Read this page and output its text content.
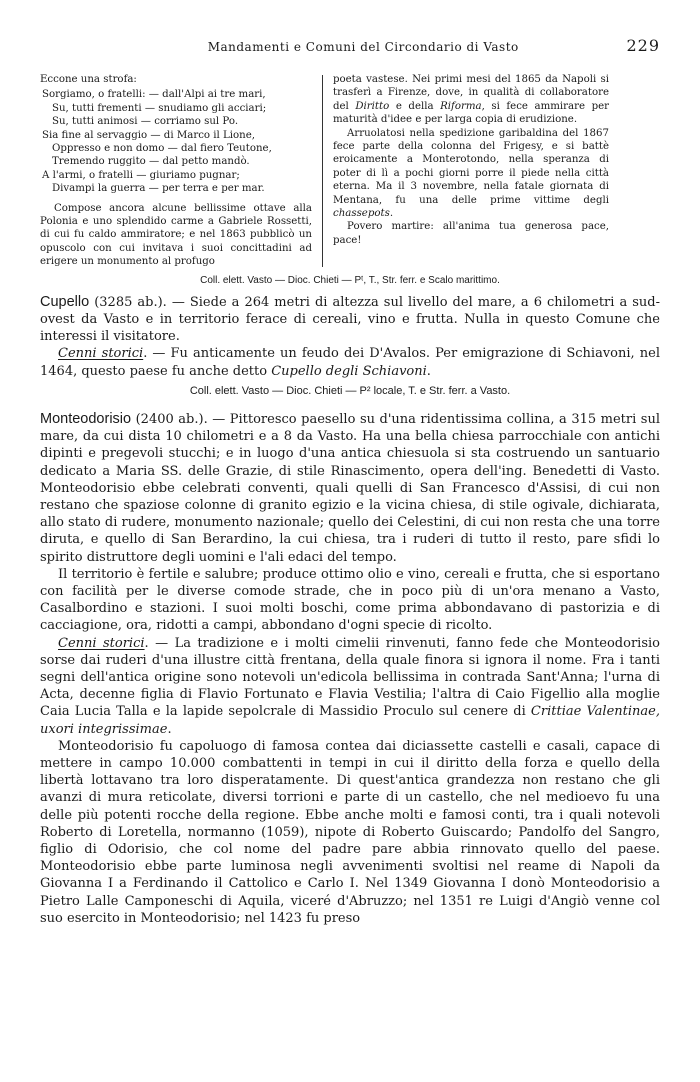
Mandamenti e Comuni del Circondario di Vasto	229

Eccone una strofa:

Sorgiamo, o fratelli: — dall'Alpi ai tre mari,
Su, tutti frementi — snudiamo gli acciari;
Su, tutti animosi — corriamo sul Po.
Sia fine al servaggio — di Marco il Lione,
Oppresso e non domo — dal fiero Teutone,
Tremendo ruggito — dal petto mandò.
A l'armi, o fratelli — giuriamo pugnar;
Divampi la guerra — per terra e per mar.

Compose ancora alcune bellissime ottave alla Polonia e uno splendido carme a Gabriele Rossetti, di cui fu caldo ammiratore; e nel 1863 pubblicò un opuscolo con cui invitava i suoi concittadini ad erigere un monumento al profugo

poeta vastese. Nei primi mesi del 1865 da Napoli si trasferì a Firenze, dove, in qualità di collaboratore del Diritto e della Riforma, si fece ammirare per maturità d'idee e per larga copia di erudizione.

Arruolatosi nella spedizione garibaldina del 1867 fece parte della colonna del Frigesy, e si battè eroicamente a Monterotondo, nella speranza di poter di lì a pochi giorni porre il piede nella città eterna. Ma il 3 novembre, nella fatale giornata di Mentana, fu una delle prime vittime degli chassepots.

Povero martire: all'anima tua generosa pace, pace!

Coll. elett. Vasto — Dioc. Chieti — Pᵗ, T., Str. ferr. e Scalo marittimo.

Cupello (3285 ab.). — Siede a 264 metri di altezza sul livello del mare, a 6 chilometri a sud-ovest da Vasto e in territorio ferace di cereali, vino e frutta. Nulla in questo Comune che interessi il visitatore.

Cenni storici. — Fu anticamente un feudo dei D'Avalos. Per emigrazione di Schiavoni, nel 1464, questo paese fu anche detto Cupello degli Schiavoni.

Coll. elett. Vasto — Dioc. Chieti — P² locale, T. e Str. ferr. a Vasto.

Monteodorisio (2400 ab.). — Pittoresco paesello su d'una ridentissima collina, a 315 metri sul mare, da cui dista 10 chilometri e a 8 da Vasto. Ha una bella chiesa parrocchiale con antichi dipinti e pregevoli stucchi; e in luogo d'una antica chiesuola si sta costruendo un santuario dedicato a Maria SS. delle Grazie, di stile Rinascimento, opera dell'ing. Benedetti di Vasto. Monteodorisio ebbe celebrati conventi, quali quelli di San Francesco d'Assisi, di cui non restano che spaziose colonne di granito egizio e la vicina chiesa, di stile ogivale, dichiarata, allo stato di rudere, monumento nazionale; quello dei Celestini, di cui non resta che una torre diruta, e quello di San Berardino, la cui chiesa, tra i ruderi di tutto il resto, pare sfidi lo spirito distruttore degli uomini e l'ali edaci del tempo.

Il territorio è fertile e salubre; produce ottimo olio e vino, cereali e frutta, che si esportano con facilità per le diverse comode strade, che in poco più di un'ora menano a Vasto, Casalbordino e stazioni. I suoi molti boschi, come prima abbondavano di pastorizia e di cacciagione, ora, ridotti a campi, abbondano d'ogni specie di ricolto.

Cenni storici. — La tradizione e i molti cimelii rinvenuti, fanno fede che Monteodorisio sorse dai ruderi d'una illustre città frentana, della quale finora si ignora il nome. Fra i tanti segni dell'antica origine sono notevoli un'edicola bellissima in contrada Sant'Anna; l'urna di Acta, decenne figlia di Flavio Fortunato e Flavia Vestilia; l'altra di Caio Figellio alla moglie Caia Lucia Talla e la lapide sepolcrale di Massidio Proculo sul cenere di Crittiae Valentinae, uxori integrissimae.

Monteodorisio fu capoluogo di famosa contea dai diciassette castelli e casali, capace di mettere in campo 10.000 combattenti in tempi in cui il diritto della forza e quello della libertà lottavano tra loro disperatamente. Di quest'antica grandezza non restano che gli avanzi di mura reticolate, diversi torrioni e parte di un castello, che nel medioevo fu una delle più potenti rocche della regione. Ebbe anche molti e famosi conti, tra i quali notevoli Roberto di Loretella, normanno (1059), nipote di Roberto Guiscardo; Pandolfo del Sangro, figlio di Odorisio, che col nome del padre pare abbia rinnovato quello del paese. Monteodorisio ebbe parte luminosa negli avvenimenti svoltisi nel reame di Napoli da Giovanna I a Ferdinando il Cattolico e Carlo I. Nel 1349 Giovanna I donò Monteodorisio a Pietro Lalle Camponeschi di Aquila, viceré d'Abruzzo; nel 1351 re Luigi d'Angiò venne col suo esercito in Monteodorisio; nel 1423 fu preso
